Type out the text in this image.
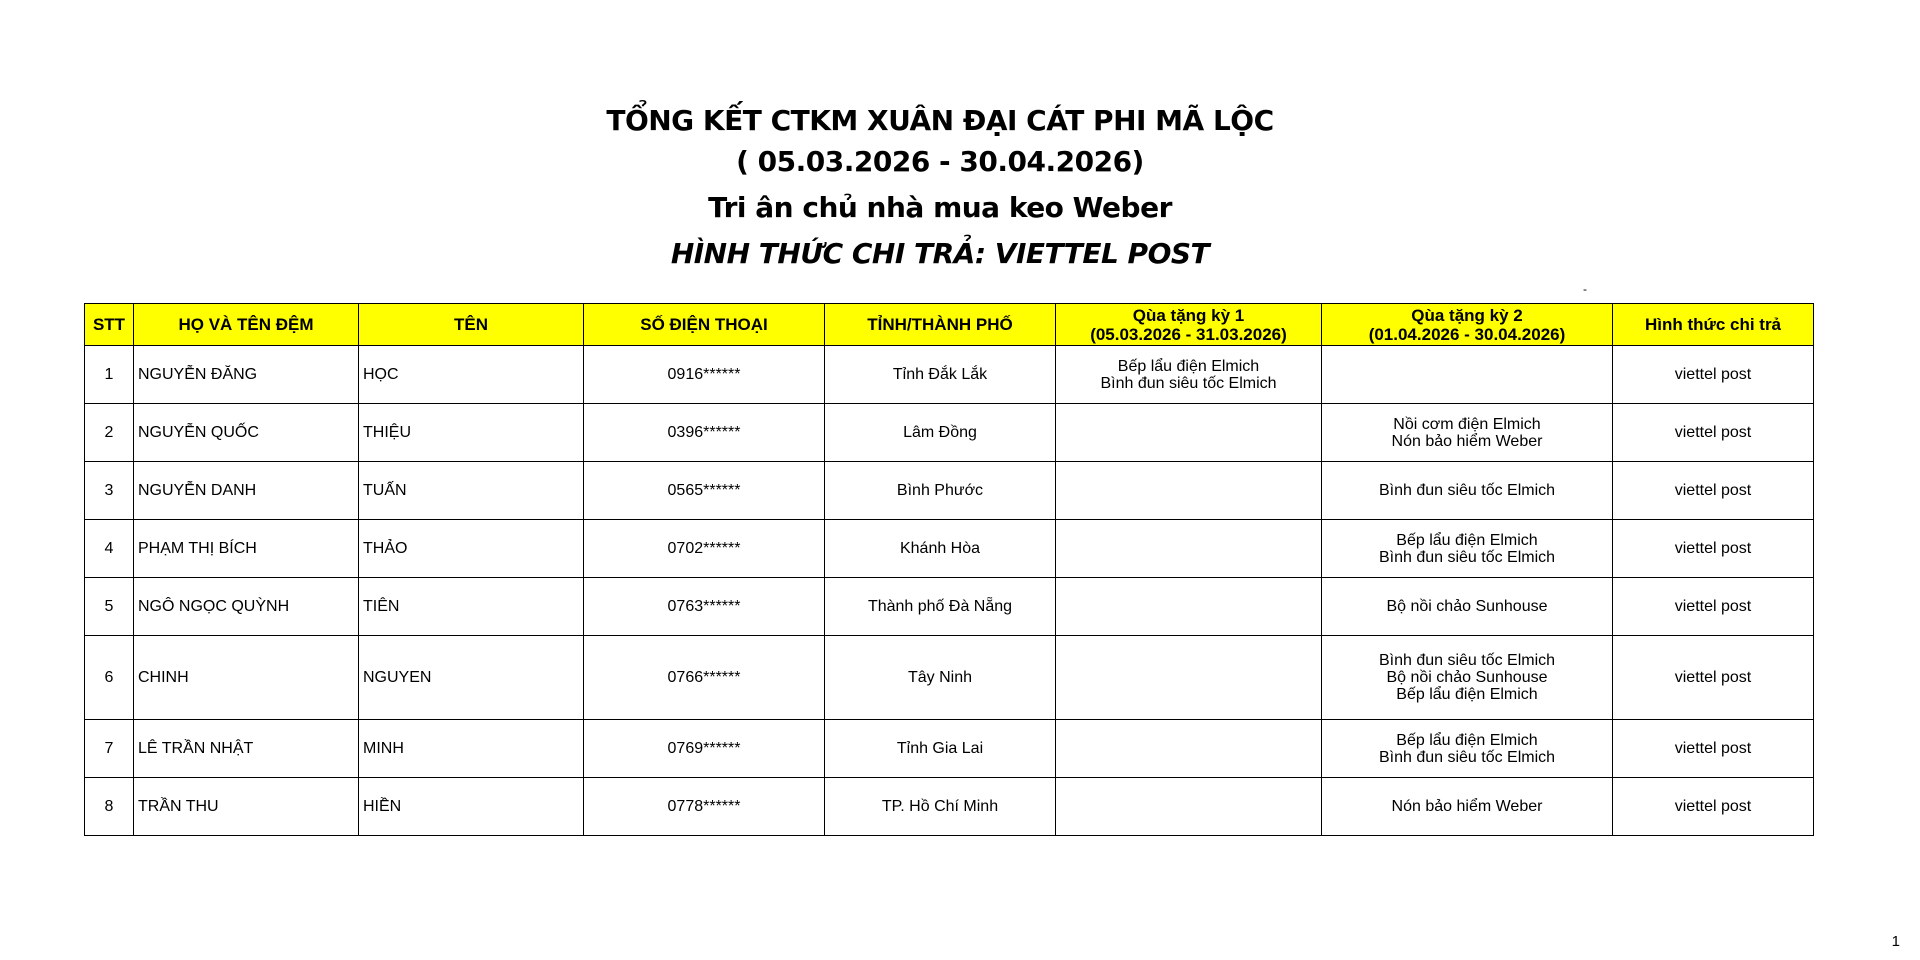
TỔNG KẾT CTKM XUÂN ĐẠI CÁT PHI MÃ LỘC
( 05.03.2026 - 30.04.2026)
Tri ân chủ nhà mua keo Weber
HÌNH THỨC CHI TRẢ: VIETTEL POST
-
STT	HỌ VÀ TÊN ĐỆM	TÊN	SỐ ĐIỆN THOẠI	TỈNH/THÀNH PHỐ	Qùa tặng kỳ 1
(05.03.2026 - 31.03.2026)	Qùa tặng kỳ 2
(01.04.2026 - 30.04.2026)	Hình thức chi trả
1	NGUYỄN ĐĂNG	HỌC	0916******	Tỉnh Đắk Lắk	Bếp lẩu điện Elmich
Bình đun siêu tốc Elmich		viettel post
2	NGUYỄN QUỐC	THIỆU	0396******	Lâm Đồng		Nồi cơm điện Elmich
Nón bảo hiểm Weber	viettel post
3	NGUYỄN DANH	TUẤN	0565******	Bình Phước		Bình đun siêu tốc Elmich	viettel post
4	PHẠM THỊ BÍCH	THẢO	0702******	Khánh Hòa		Bếp lẩu điện Elmich
Bình đun siêu tốc Elmich	viettel post
5	NGÔ NGỌC QUỲNH	TIÊN	0763******	Thành phố Đà Nẵng		Bộ nồi chảo Sunhouse	viettel post
6	CHINH	NGUYEN	0766******	Tây Ninh		Bình đun siêu tốc Elmich
Bộ nồi chảo Sunhouse
Bếp lẩu điện Elmich	viettel post
7	LÊ TRẦN NHẬT	MINH	0769******	Tỉnh Gia Lai		Bếp lẩu điện Elmich
Bình đun siêu tốc Elmich	viettel post
8	TRẦN THU	HIỀN	0778******	TP. Hồ Chí Minh		Nón bảo hiểm Weber	viettel post
1
